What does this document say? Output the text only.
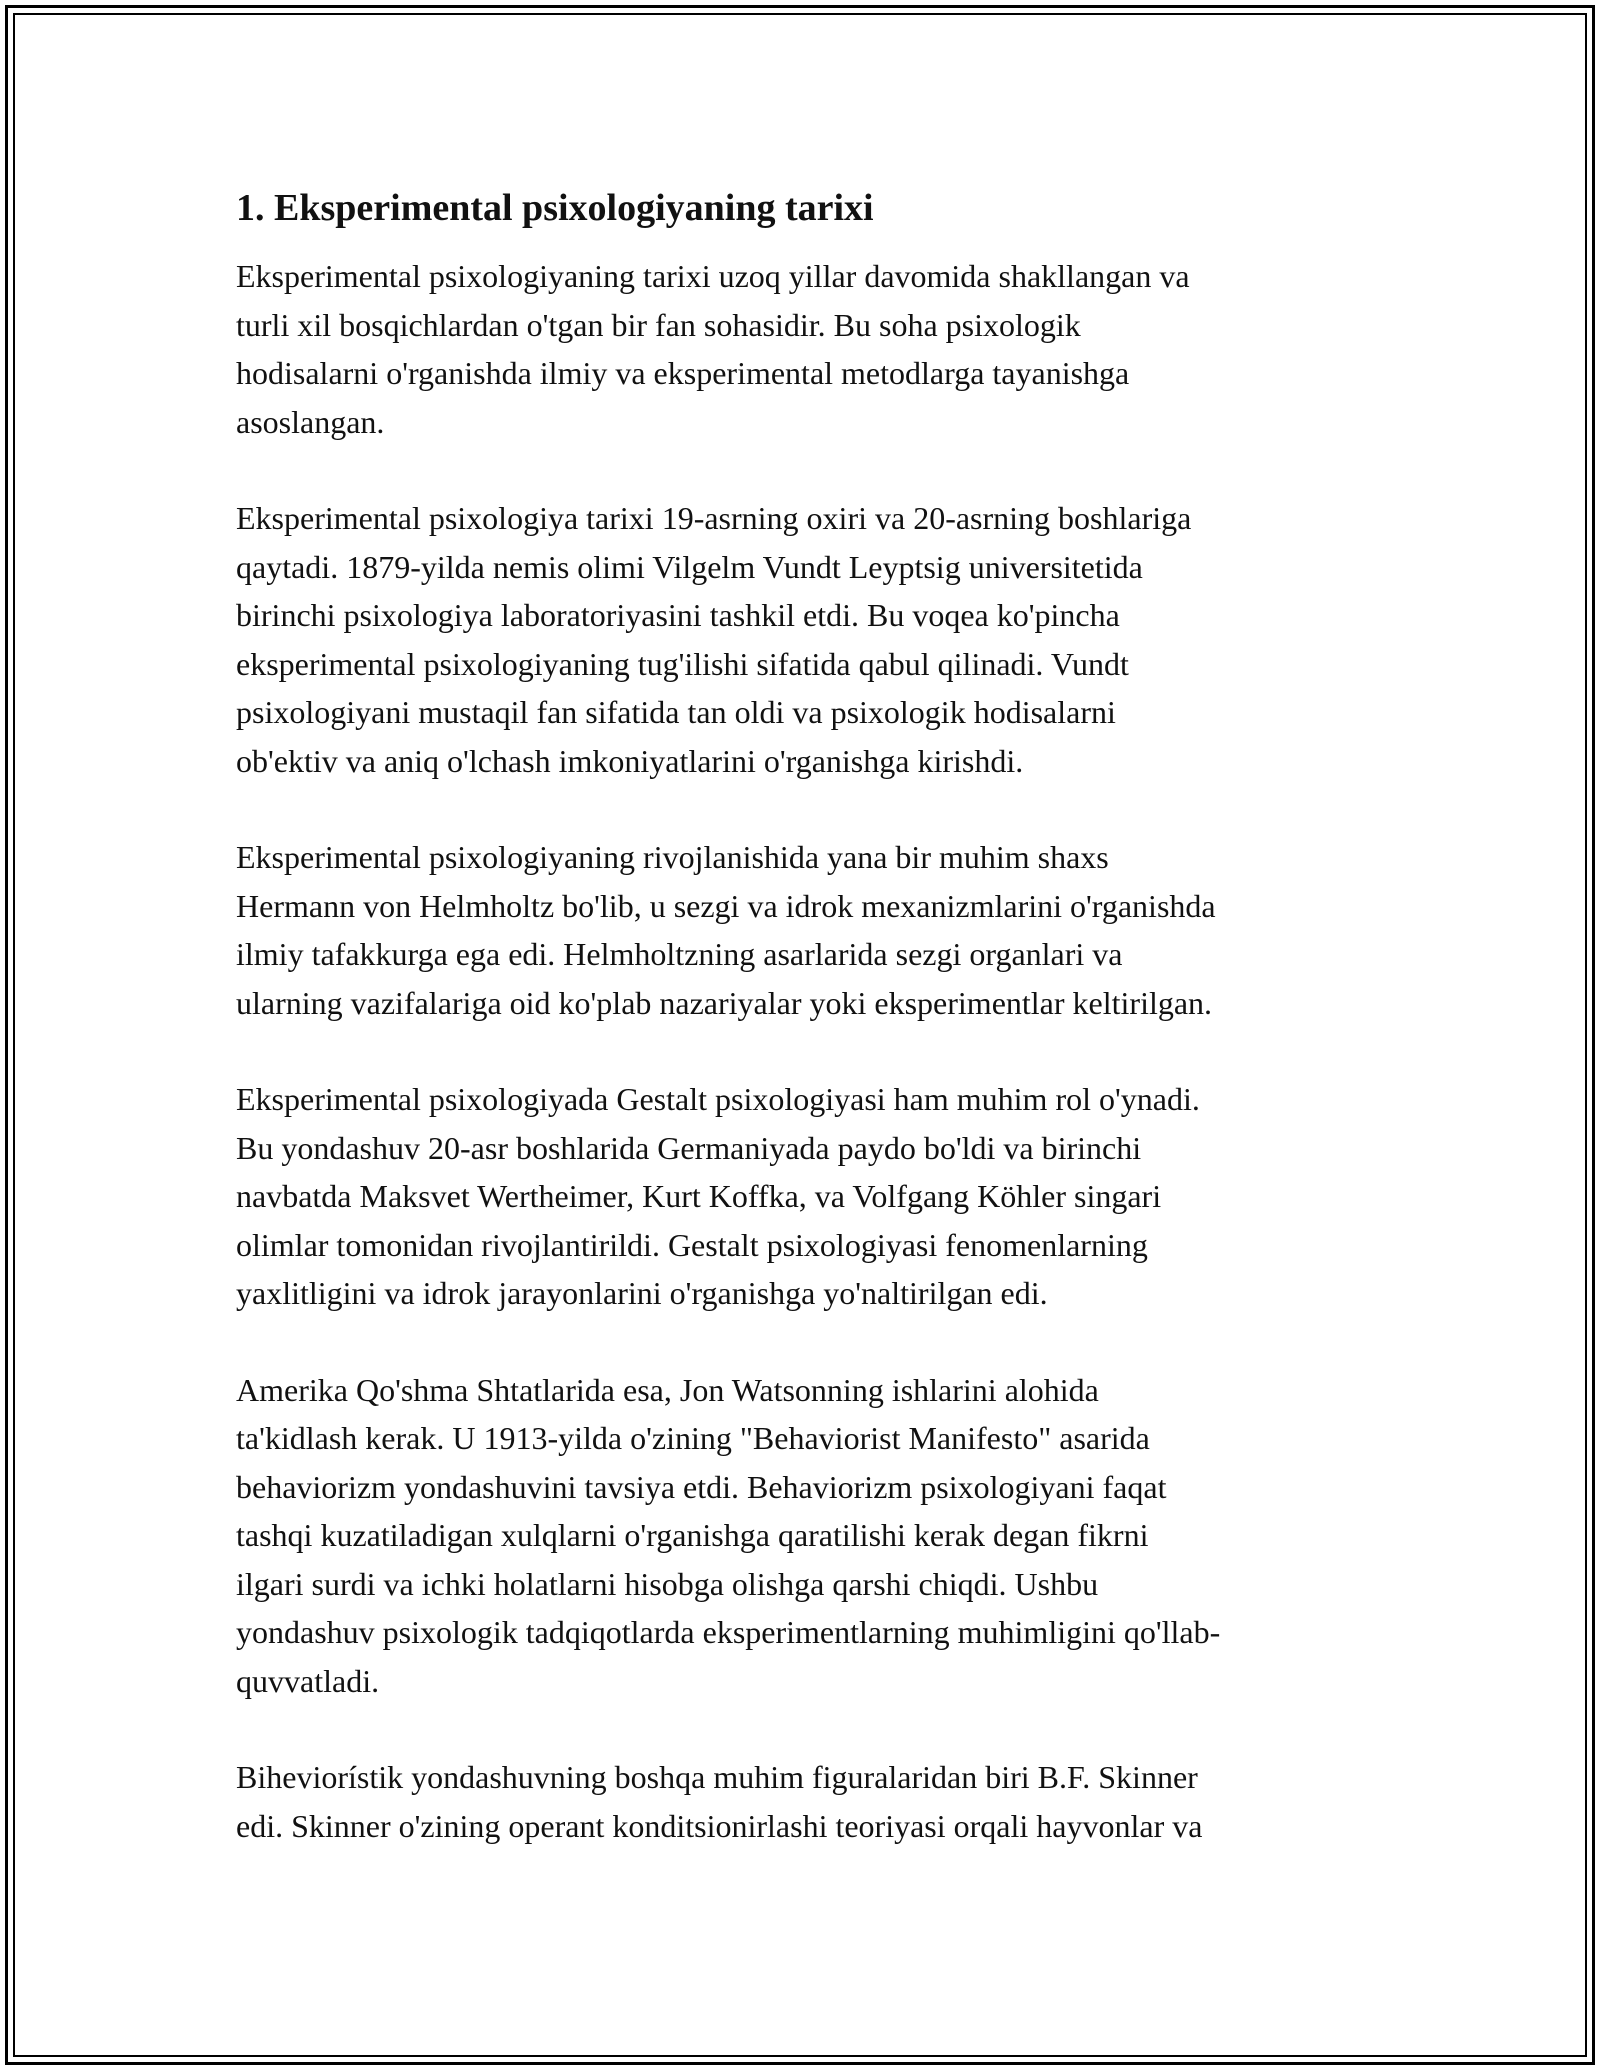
1. Eksperimental psixologiyaning tarixi
Eksperimental psixologiyaning tarixi uzoq yillar davomida shakllangan va
turli xil bosqichlardan o'tgan bir fan sohasidir. Bu soha psixologik
hodisalarni o'rganishda ilmiy va eksperimental metodlarga tayanishga
asoslangan.
Eksperimental psixologiya tarixi 19-asrning oxiri va 20-asrning boshlariga
qaytadi. 1879-yilda nemis olimi Vilgelm Vundt Leyptsig universitetida
birinchi psixologiya laboratoriyasini tashkil etdi. Bu voqea ko'pincha
eksperimental psixologiyaning tug'ilishi sifatida qabul qilinadi. Vundt
psixologiyani mustaqil fan sifatida tan oldi va psixologik hodisalarni
ob'ektiv va aniq o'lchash imkoniyatlarini o'rganishga kirishdi.
Eksperimental psixologiyaning rivojlanishida yana bir muhim shaxs
Hermann von Helmholtz bo'lib, u sezgi va idrok mexanizmlarini o'rganishda
ilmiy tafakkurga ega edi. Helmholtzning asarlarida sezgi organlari va
ularning vazifalariga oid ko'plab nazariyalar yoki eksperimentlar keltirilgan.
Eksperimental psixologiyada Gestalt psixologiyasi ham muhim rol o'ynadi.
Bu yondashuv 20-asr boshlarida Germaniyada paydo bo'ldi va birinchi
navbatda Maksvet Wertheimer, Kurt Koffka, va Volfgang Köhler singari
olimlar tomonidan rivojlantirildi. Gestalt psixologiyasi fenomenlarning
yaxlitligini va idrok jarayonlarini o'rganishga yo'naltirilgan edi.
Amerika Qo'shma Shtatlarida esa, Jon Watsonning ishlarini alohida
ta'kidlash kerak. U 1913-yilda o'zining "Behaviorist Manifesto" asarida
behaviorizm yondashuvini tavsiya etdi. Behaviorizm psixologiyani faqat
tashqi kuzatiladigan xulqlarni o'rganishga qaratilishi kerak degan fikrni
ilgari surdi va ichki holatlarni hisobga olishga qarshi chiqdi. Ushbu
yondashuv psixologik tadqiqotlarda eksperimentlarning muhimligini qo'llab-
quvvatladi.
Biheviorístik yondashuvning boshqa muhim figuralaridan biri B.F. Skinner
edi. Skinner o'zining operant konditsionirlashi teoriyasi orqali hayvonlar va
